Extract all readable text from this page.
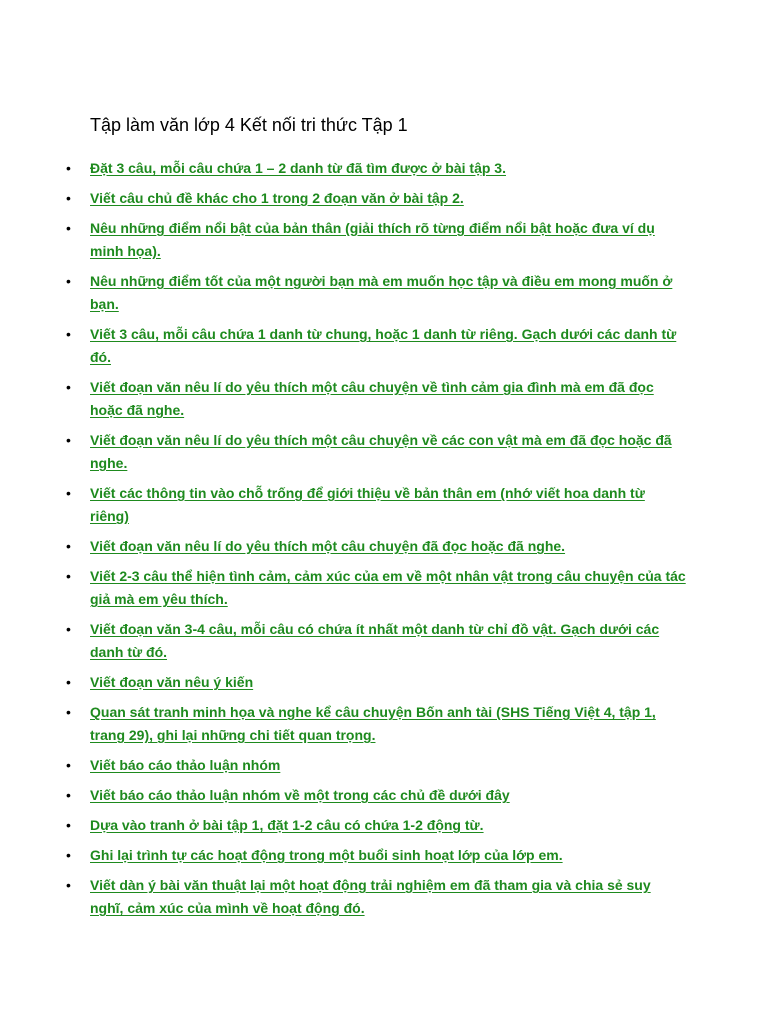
Tập làm văn lớp 4 Kết nối tri thức Tập 1
•	Đặt 3 câu, mỗi câu chứa 1 – 2 danh từ đã tìm được ở bài tập 3.
•	Viết câu chủ đề khác cho 1 trong 2 đoạn văn ở bài tập 2.
•	Nêu những điểm nổi bật của bản thân (giải thích rõ từng điểm nổi bật hoặc đưa ví dụ minh họa).
•	Nêu những điểm tốt của một người bạn mà em muốn học tập và điều em mong muốn ở bạn.
•	Viết 3 câu, mỗi câu chứa 1 danh từ chung, hoặc 1 danh từ riêng. Gạch dưới các danh từ đó.
•	Viết đoạn văn nêu lí do yêu thích một câu chuyện về tình cảm gia đình mà em đã đọc hoặc đã nghe.
•	Viết đoạn văn nêu lí do yêu thích một câu chuyện về các con vật mà em đã đọc hoặc đã nghe.
•	Viết các thông tin vào chỗ trống để giới thiệu về bản thân em (nhớ viết hoa danh từ riêng)
•	Viết đoạn văn nêu lí do yêu thích một câu chuyện đã đọc hoặc đã nghe.
•	Viết 2-3 câu thể hiện tình cảm, cảm xúc của em về một nhân vật trong câu chuyện của tác giả mà em yêu thích.
•	Viết đoạn văn 3-4 câu, mỗi câu có chứa ít nhất một danh từ chỉ đồ vật. Gạch dưới các danh từ đó.
•	Viết đoạn văn nêu ý kiến
•	Quan sát tranh minh họa và nghe kể câu chuyện Bốn anh tài (SHS Tiếng Việt 4, tập 1, trang 29), ghi lại những chi tiết quan trọng.
•	Viết báo cáo thảo luận nhóm
•	Viết báo cáo thảo luận nhóm về một trong các chủ đề dưới đây
•	Dựa vào tranh ở bài tập 1, đặt 1-2 câu có chứa 1-2 động từ.
•	Ghi lại trình tự các hoạt động trong một buổi sinh hoạt lớp của lớp em.
•	Viết dàn ý bài văn thuật lại một hoạt động trải nghiệm em đã tham gia và chia sẻ suy nghĩ, cảm xúc của mình về hoạt động đó.
